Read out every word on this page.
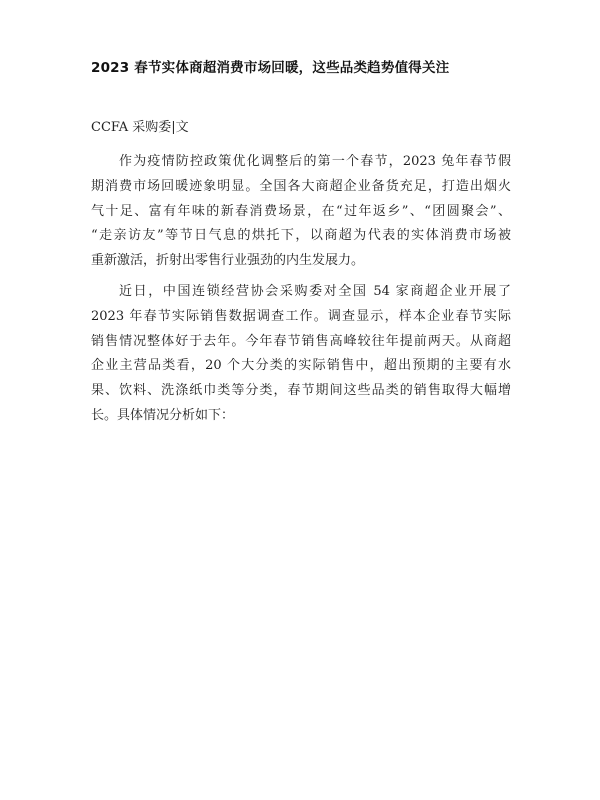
2023 春节实体商超消费市场回暖，这些品类趋势值得关注
CCFA 采购委|文

作为疫情防控政策优化调整后的第一个春节，2023 兔年春节假
期消费市场回暖迹象明显。全国各大商超企业备货充足，打造出烟火
气十足、富有年味的新春消费场景，在“过年返乡”、“团圆聚会”、
“走亲访友”等节日气息的烘托下，以商超为代表的实体消费市场被
重新激活，折射出零售行业强劲的内生发展力。

近日，中国连锁经营协会采购委对全国 54 家商超企业开展了
2023 年春节实际销售数据调查工作。调查显示，样本企业春节实际
销售情况整体好于去年。今年春节销售高峰较往年提前两天。从商超
企业主营品类看，20 个大分类的实际销售中，超出预期的主要有水
果、饮料、洗涤纸巾类等分类，春节期间这些品类的销售取得大幅增
长。具体情况分析如下：
